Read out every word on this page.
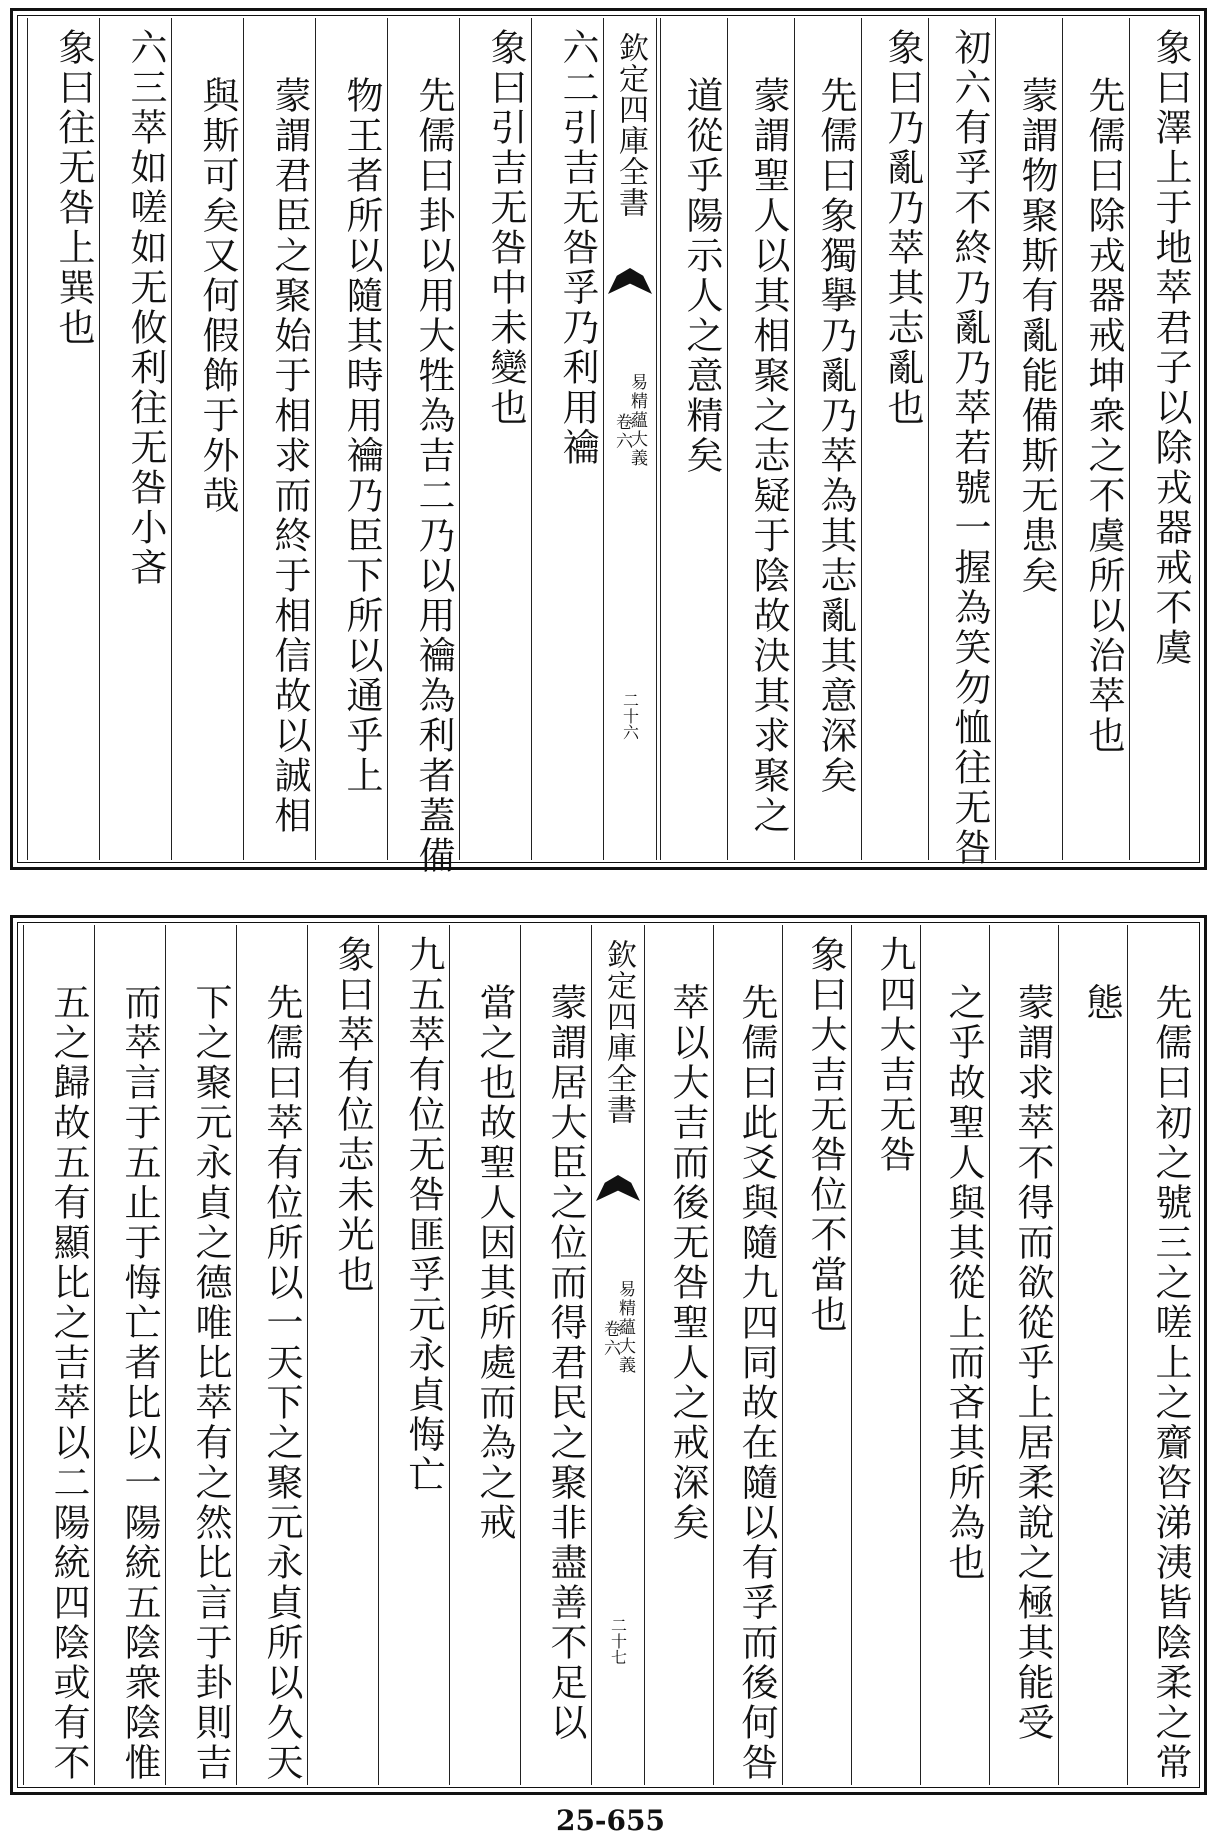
象曰澤上于地萃君子以除戎器戒不虞
先儒曰除戎器戒坤衆之不虞所以治萃也
蒙謂物聚斯有亂能備斯无患矣
初六有孚不終乃亂乃萃若號一握為笑勿恤往无咎
象曰乃亂乃萃其志亂也
先儒曰象獨擧乃亂乃萃為其志亂其意深矣
蒙謂聖人以其相聚之志疑于陰故決其求聚之
道從乎陽示人之意精矣
欽定四庫全書
易精蘊大義
卷六
二十六
六二引吉无咎孚乃利用禴
象曰引吉无咎中未變也
先儒曰卦以用大牲為吉二乃以用禴為利者蓋備
物王者所以隨其時用禴乃臣下所以通乎上
蒙謂君臣之聚始于相求而終于相信故以誠相
與斯可矣又何假飾于外哉
六三萃如嗟如无攸利往无咎小吝
象曰往无咎上巽也
先儒曰初之號三之嗟上之齎咨涕洟皆陰柔之常
態
蒙謂求萃不得而欲從乎上居柔說之極其能受
之乎故聖人與其從上而吝其所為也
九四大吉无咎
象曰大吉无咎位不當也
先儒曰此爻與隨九四同故在隨以有孚而後何咎
萃以大吉而後无咎聖人之戒深矣
欽定四庫全書
易精蘊大義
卷六
二十七
蒙謂居大臣之位而得君民之聚非盡善不足以
當之也故聖人因其所處而為之戒
九五萃有位无咎匪孚元永貞悔亡
象曰萃有位志未光也
先儒曰萃有位所以一天下之聚元永貞所以久天
下之聚元永貞之德唯比萃有之然比言于卦則吉
而萃言于五止于悔亡者比以一陽統五陰衆陰惟
五之歸故五有顯比之吉萃以二陽統四陰或有不
25-655
